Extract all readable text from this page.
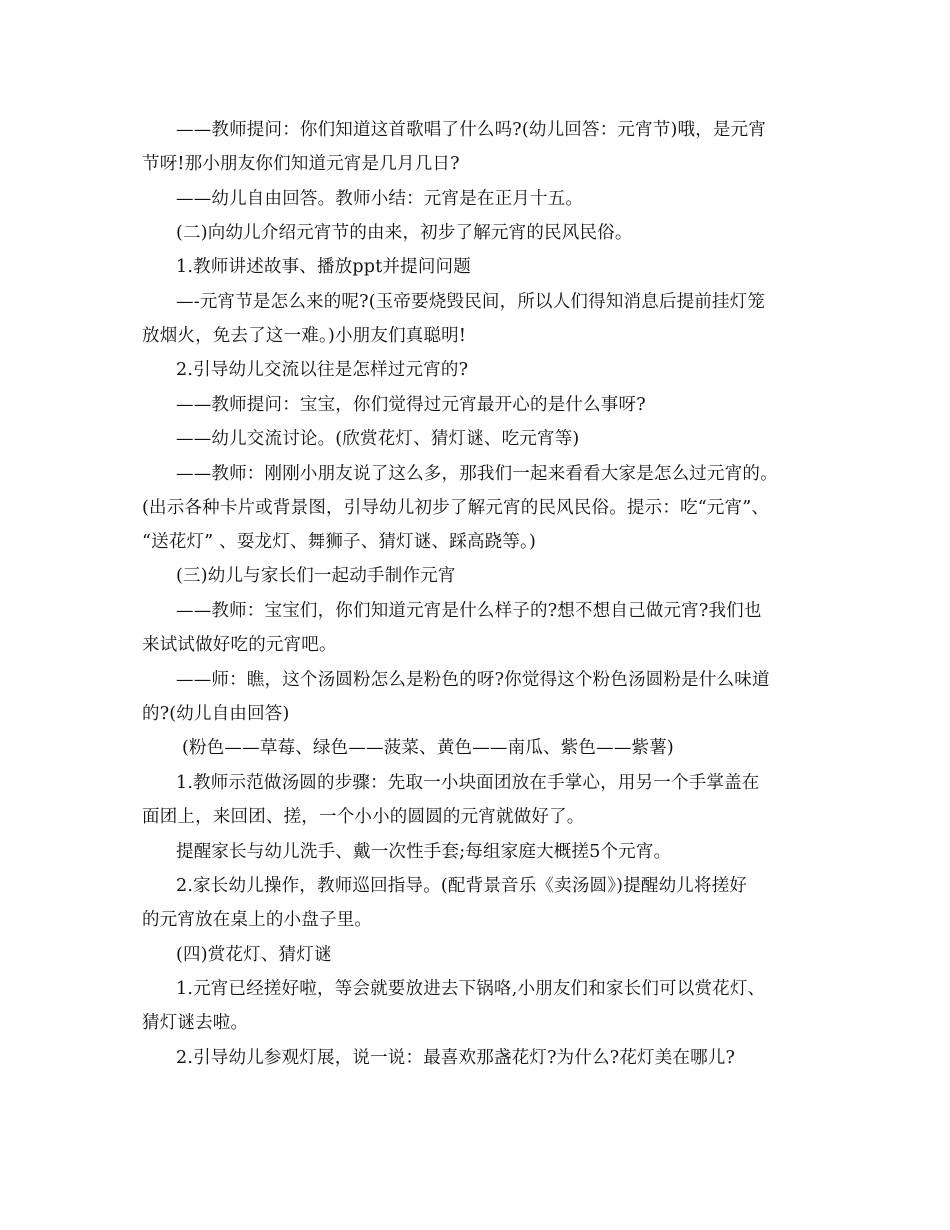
——教师提问：你们知道这首歌唱了什么吗?(幼儿回答：元宵节)哦，是元宵

节呀!那小朋友你们知道元宵是几月几日?

——幼儿自由回答。教师小结：元宵是在正月十五。

(二)向幼儿介绍元宵节的由来，初步了解元宵的民风民俗。

1.教师讲述故事、播放ppt并提问问题

—-元宵节是怎么来的呢?(玉帝要烧毁民间，所以人们得知消息后提前挂灯笼

放烟火，免去了这一难。)小朋友们真聪明!

2.引导幼儿交流以往是怎样过元宵的?

——教师提问：宝宝，你们觉得过元宵最开心的是什么事呀?

——幼儿交流讨论。(欣赏花灯、猜灯谜、吃元宵等)

——教师：刚刚小朋友说了这么多，那我们一起来看看大家是怎么过元宵的。

(出示各种卡片或背景图，引导幼儿初步了解元宵的民风民俗。提示：吃“元宵”、

“送花灯” 、耍龙灯、舞狮子、猜灯谜、踩高跷等。)

(三)幼儿与家长们一起动手制作元宵

——教师：宝宝们，你们知道元宵是什么样子的?想不想自己做元宵?我们也

来试试做好吃的元宵吧。

——师：瞧，这个汤圆粉怎么是粉色的呀?你觉得这个粉色汤圆粉是什么味道

的?(幼儿自由回答)

(粉色——草莓、绿色——菠菜、黄色——南瓜、紫色——紫薯)

1.教师示范做汤圆的步骤：先取一小块面团放在手掌心，用另一个手掌盖在

面团上，来回团、搓，一个小小的圆圆的元宵就做好了。

提醒家长与幼儿洗手、戴一次性手套;每组家庭大概搓5个元宵。

2.家长幼儿操作，教师巡回指导。(配背景音乐《卖汤圆》)提醒幼儿将搓好

的元宵放在桌上的小盘子里。

(四)赏花灯、猜灯谜

1.元宵已经搓好啦，等会就要放进去下锅咯,小朋友们和家长们可以赏花灯、

猜灯谜去啦。

2.引导幼儿参观灯展，说一说：最喜欢那盏花灯?为什么?花灯美在哪儿?
